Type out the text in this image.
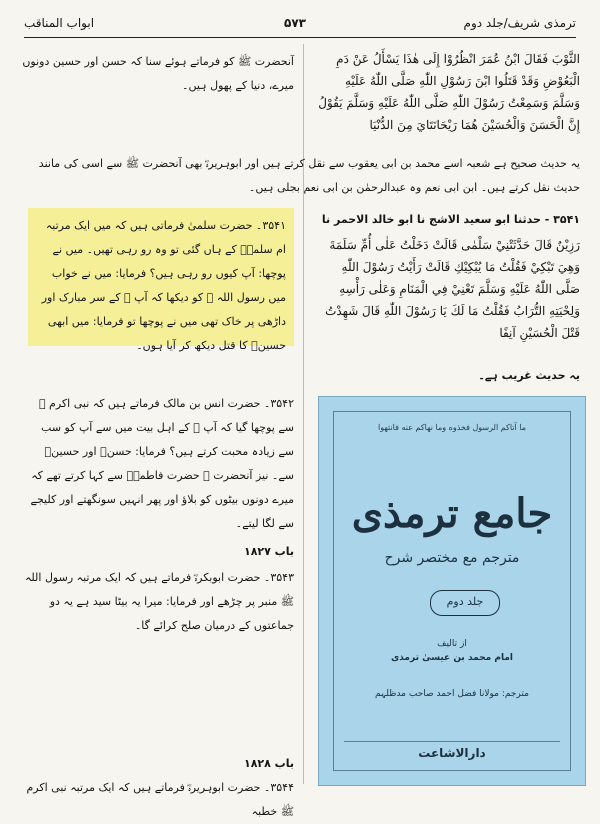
ترمذی شریف/جلد دوم
۵۷۳
ابواب المناقب
الثَّوْبَ فَقَالَ ابْنُ عُمَرَ انْظُرُوْا إِلَى هٰذَا يَسْأَلُ عَنْ دَمِ الْبَعُوْضِ وَقَدْ قَتَلُوا ابْنَ رَسُوْلِ اللّٰهِ صَلَّى اللّٰهُ عَلَيْهِ وَسَلَّمَ وَسَمِعْتُ رَسُوْلَ اللّٰهِ صَلَّى اللّٰهُ عَلَيْهِ وَسَلَّمَ يَقُوْلُ إِنَّ الْحَسَنَ وَالْحُسَيْنَ هُمَا رَيْحَانَتَايَ مِنَ الدُّنْيَا
آنحضرت ﷺ کو فرماتے ہوئے سنا کہ حسن اور حسین دونوں میرے، دنیا کے پھول ہیں۔
یہ حدیث صحیح ہے شعبہ اسے محمد بن ابی یعقوب سے نقل کرتے ہیں اور ابوہریرہؓ بھی آنحضرت ﷺ سے اسی کی مانند حدیث نقل کرتے ہیں۔ ابن ابی نعم وہ عبدالرحمٰن بن ابی نعم بجلی ہیں۔
۳۵۴۱ - حدثنا ابو سعيد الاشج نا ابو خالد الاحمر نا
رَزِيْنٌ قَالَ حَدَّثَتْنِيْ سَلْمٰى قَالَتْ دَخَلْتُ عَلٰى أُمِّ سَلَمَةَ وَهِيَ تَبْكِيْ فَقُلْتُ مَا يُبْكِيْكِ قَالَتْ رَأَيْتُ رَسُوْلَ اللّٰهِ صَلَّى اللّٰهُ عَلَيْهِ وَسَلَّمَ تَعْنِيْ فِي الْمَنَامِ وَعَلٰى رَأْسِهِ وَلِحْيَتِهِ التُّرَابُ فَقُلْتُ مَا لَكَ يَا رَسُوْلَ اللّٰهِ قَالَ شَهِدْتُ قَتْلَ الْحُسَيْنِ آنِفًا
یہ حدیث غریب ہے۔
۳۵۴۱۔ حضرت سلمیٰ فرماتی ہیں کہ میں ایک مرتبہ ام سلمہؓ کے ہاں گئی تو وہ رو رہی تھیں۔ میں نے پوچھا: آپ کیوں رو رہی ہیں؟ فرمایا: میں نے خواب میں رسول اللہ ﷺ کو دیکھا کہ آپ ﷺ کے سر مبارک اور داڑھی پر خاک تھی میں نے پوچھا تو فرمایا: میں ابھی حسینؓ کا قتل دیکھ کر آیا ہوں۔
۳۵۴۲۔ حضرت انس بن مالک فرماتے ہیں کہ نبی اکرم ﷺ سے پوچھا گیا کہ آپ ﷺ کے اہل بیت میں سے آپ کو سب سے زیادہ محبت کرتے ہیں؟ فرمایا: حسنؓ اور حسینؓ سے۔ نیز آنحضرت ﷺ حضرت فاطمہؓ سے کہا کرتے تھے کہ میرے دونوں بیٹوں کو بلاؤ اور پھر انہیں سونگھتے اور کلیجے سے لگا لیتے۔
باب ۱۸۲۷
۳۵۴۳۔ حضرت ابوبکرہؓ فرماتے ہیں کہ ایک مرتبہ رسول اللہ ﷺ منبر پر چڑھے اور فرمایا: میرا یہ بیٹا سید ہے یہ دو جماعتوں کے درمیان صلح کرائے گا۔
باب ۱۸۲۸
۳۵۴۴۔ حضرت ابوہریرہؓ فرماتے ہیں کہ ایک مرتبہ نبی اکرم ﷺ خطبہ
ما آتاكم الرسول فخذوه وما نهاكم عنه فانتهوا
جامع ترمذی
مترجم مع مختصر شرح
جلد دوم
از تالیف
امام محمد بن عیسیٰ ترمذی
مترجم: مولانا فضل احمد صاحب مدظلہم
دارالاشاعت
